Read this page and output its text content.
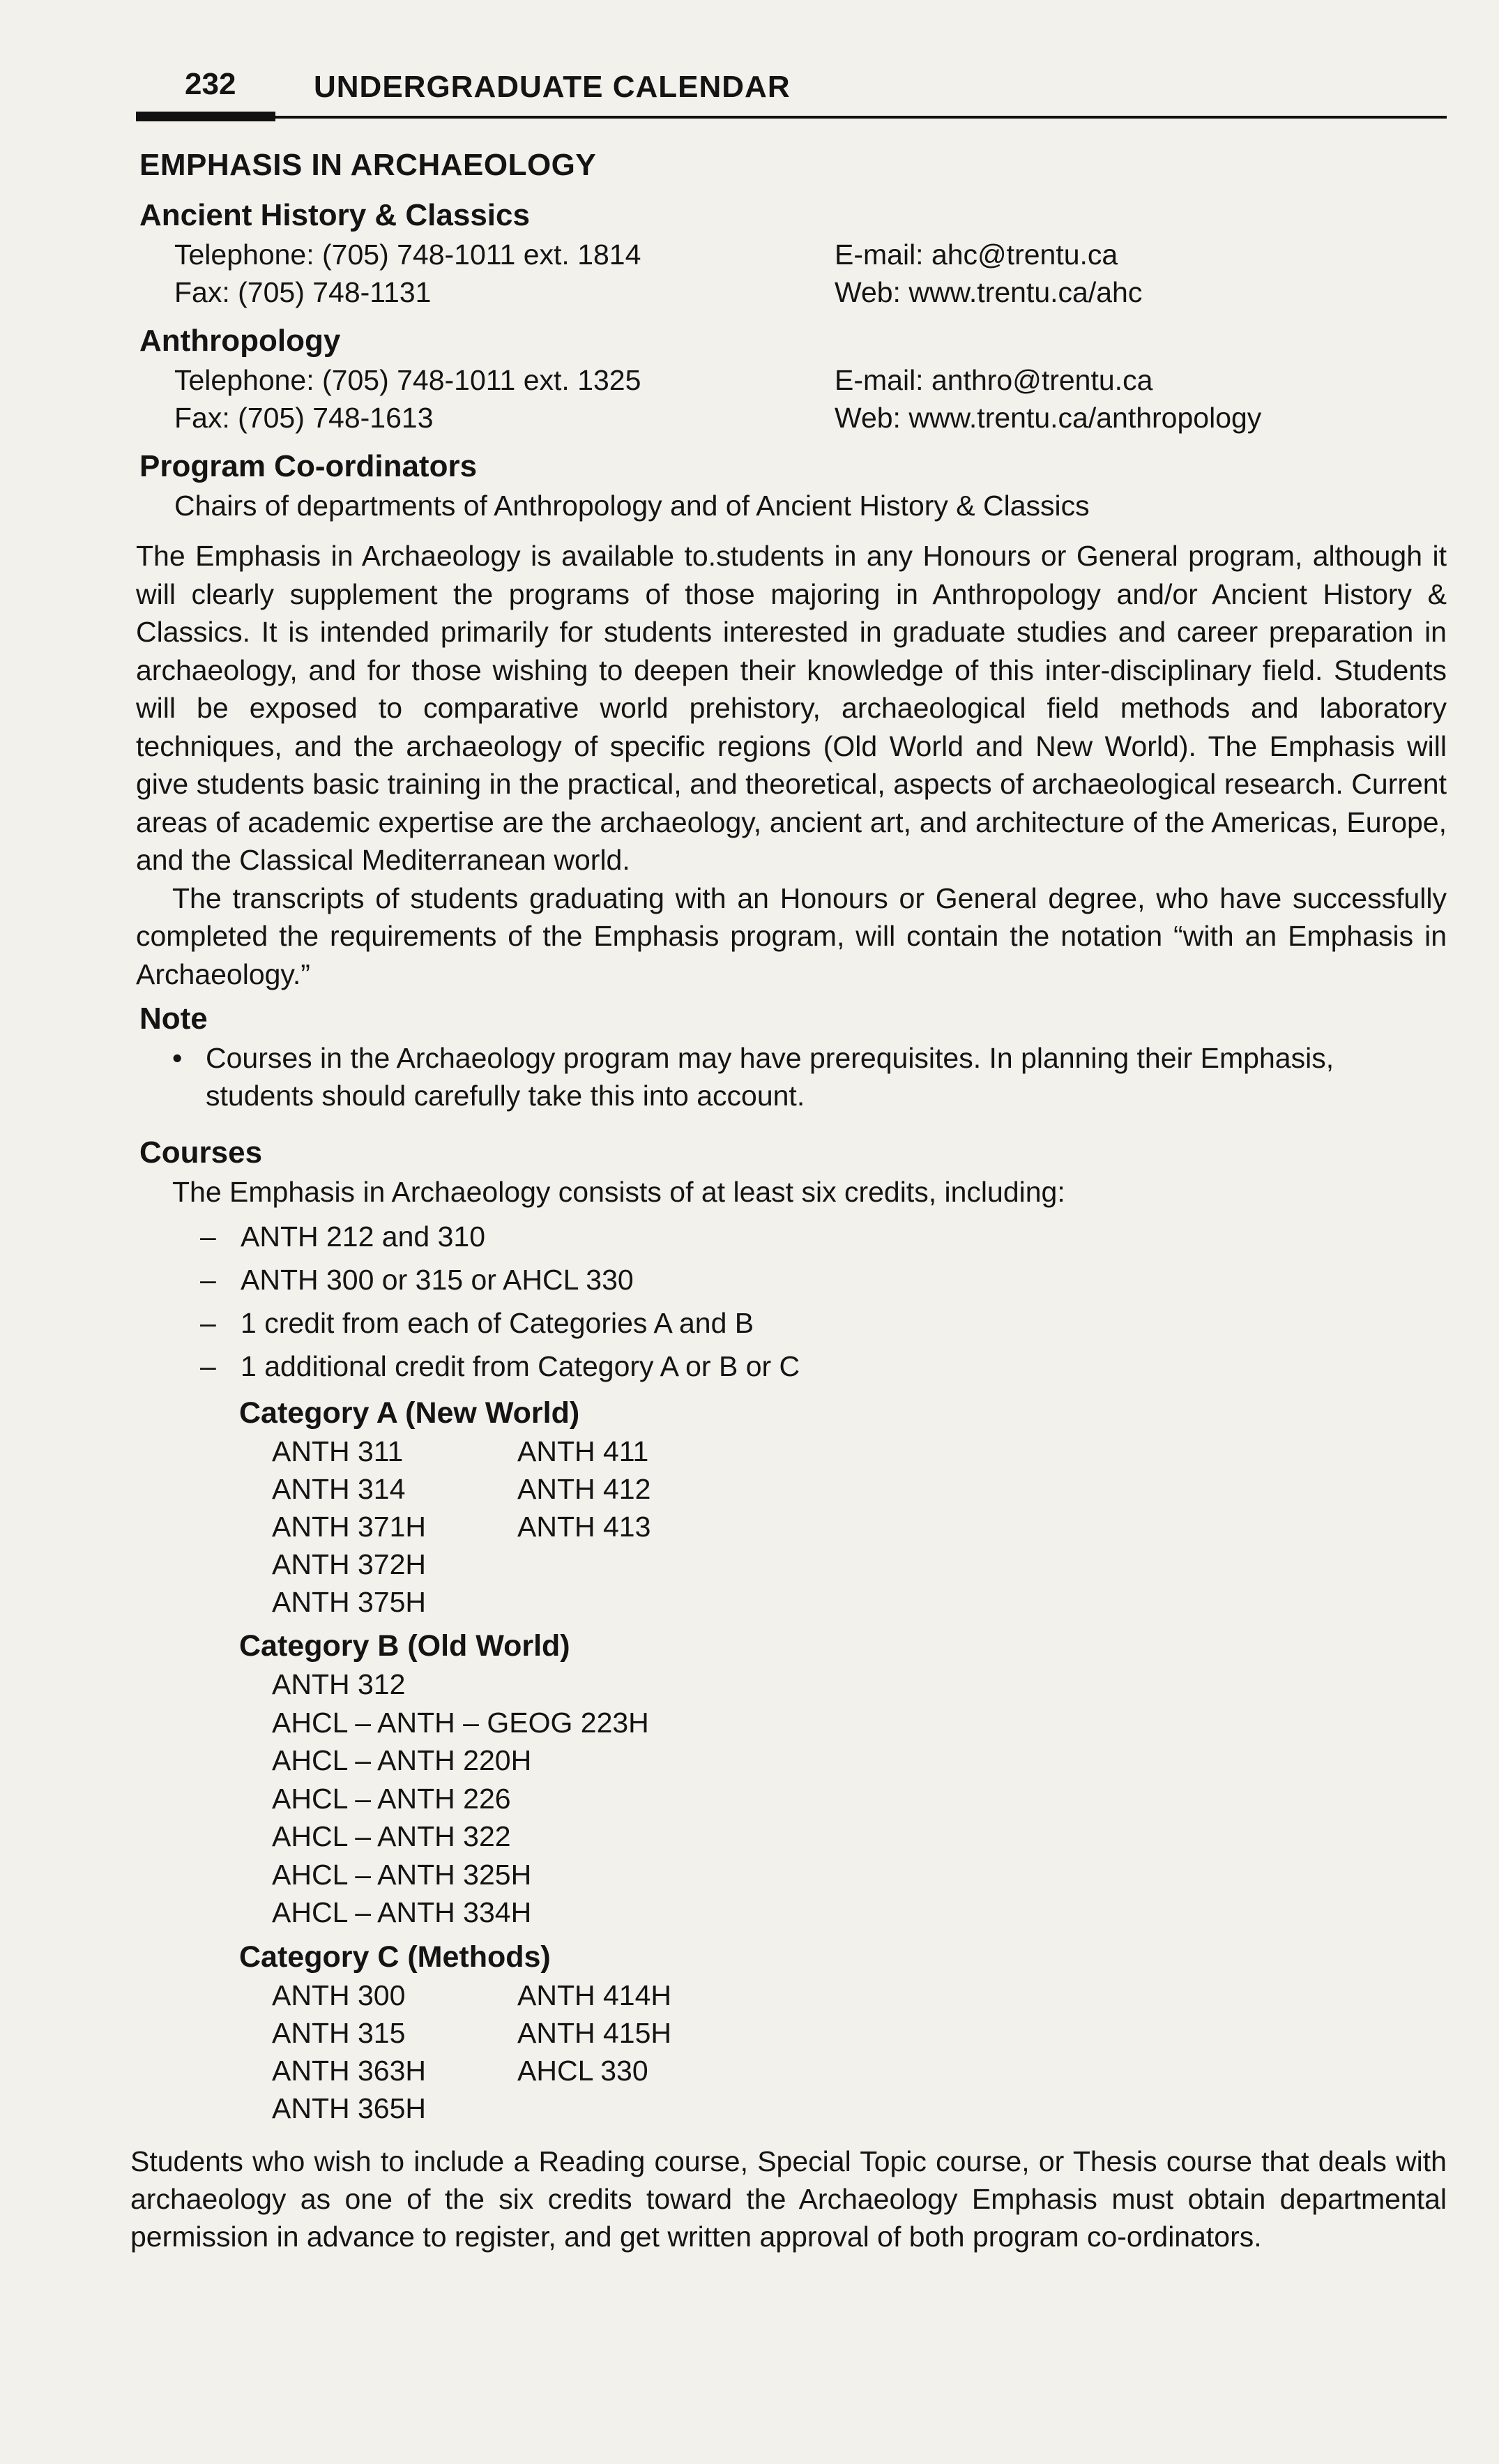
232	UNDERGRADUATE CALENDAR
EMPHASIS IN ARCHAEOLOGY
Ancient History & Classics
Telephone: (705) 748-1011 ext. 1814
Fax: (705) 748-1131
E-mail: ahc@trentu.ca
Web: www.trentu.ca/ahc
Anthropology
Telephone: (705) 748-1011 ext. 1325
Fax: (705) 748-1613
E-mail: anthro@trentu.ca
Web: www.trentu.ca/anthropology
Program Co-ordinators
Chairs of departments of Anthropology and of Ancient History & Classics

The Emphasis in Archaeology is available to.students in any Honours or General program, although it will clearly supplement the programs of those majoring in Anthropology and/or Ancient History & Classics. It is intended primarily for students interested in graduate studies and career preparation in archaeology, and for those wishing to deepen their knowledge of this inter-disciplinary field. Students will be exposed to comparative world prehistory, archaeological field methods and laboratory techniques, and the archaeology of specific regions (Old World and New World). The Emphasis will give students basic training in the practical, and theoretical, aspects of archaeological research. Current areas of academic expertise are the archaeology, ancient art, and architecture of the Americas, Europe, and the Classical Mediterranean world.

The transcripts of students graduating with an Honours or General degree, who have successfully completed the requirements of the Emphasis program, will contain the notation “with an Emphasis in Archaeology.”

Note
• Courses in the Archaeology program may have prerequisites. In planning their Emphasis, students should carefully take this into account.
Courses
The Emphasis in Archaeology consists of at least six credits, including:
– ANTH 212 and 310
– ANTH 300 or 315 or AHCL 330
– 1 credit from each of Categories A and B
– 1 additional credit from Category A or B or C
Category A (New World)
ANTH 311
ANTH 314
ANTH 371H
ANTH 372H
ANTH 375H
ANTH 411
ANTH 412
ANTH 413
Category B (Old World)
ANTH 312
AHCL – ANTH – GEOG 223H
AHCL – ANTH 220H
AHCL – ANTH 226
AHCL – ANTH 322
AHCL – ANTH 325H
AHCL – ANTH 334H
Category C (Methods)
ANTH 300
ANTH 315
ANTH 363H
ANTH 365H
ANTH 414H
ANTH 415H
AHCL 330

Students who wish to include a Reading course, Special Topic course, or Thesis course that deals with archaeology as one of the six credits toward the Archaeology Emphasis must obtain departmental permission in advance to register, and get written approval of both program co-ordinators.
